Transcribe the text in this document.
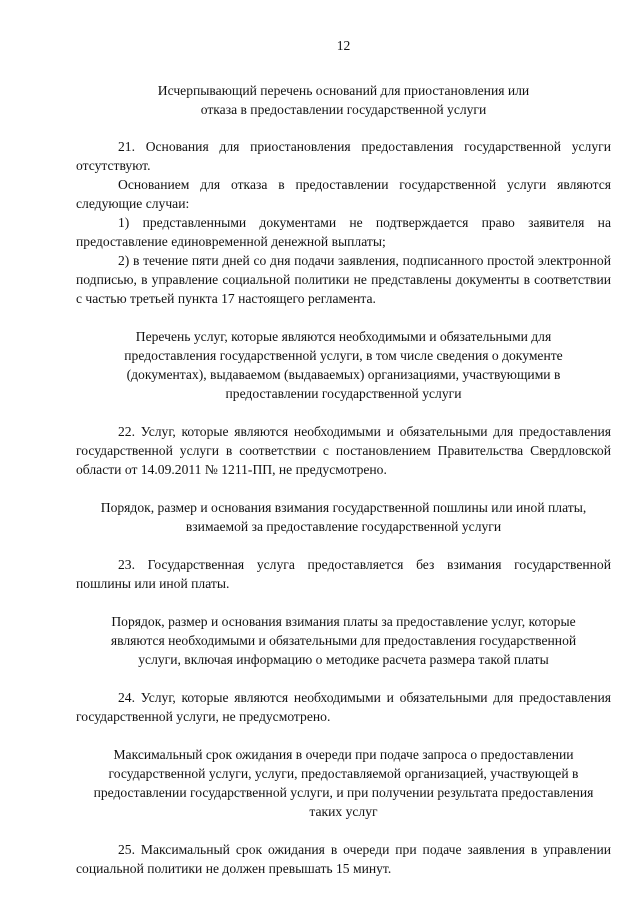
12

Исчерпывающий перечень оснований для приостановления или отказа в предоставлении государственной услуги

21. Основания для приостановления предоставления государственной услуги отсутствуют.

Основанием для отказа в предоставлении государственной услуги являются следующие случаи:

1) представленными документами не подтверждается право заявителя на предоставление единовременной денежной выплаты;

2) в течение пяти дней со дня подачи заявления, подписанного простой электронной подписью, в управление социальной политики не представлены документы в соответствии с частью третьей пункта 17 настоящего регламента.

Перечень услуг, которые являются необходимыми и обязательными для предоставления государственной услуги, в том числе сведения о документе (документах), выдаваемом (выдаваемых) организациями, участвующими в предоставлении государственной услуги

22. Услуг, которые являются необходимыми и обязательными для предоставления государственной услуги в соответствии с постановлением Правительства Свердловской области от 14.09.2011 № 1211-ПП, не предусмотрено.

Порядок, размер и основания взимания государственной пошлины или иной платы, взимаемой за предоставление государственной услуги

23. Государственная услуга предоставляется без взимания государственной пошлины или иной платы.

Порядок, размер и основания взимания платы за предоставление услуг, которые являются необходимыми и обязательными для предоставления государственной услуги, включая информацию о методике расчета размера такой платы

24. Услуг, которые являются необходимыми и обязательными для предоставления государственной услуги, не предусмотрено.

Максимальный срок ожидания в очереди при подаче запроса о предоставлении государственной услуги, услуги, предоставляемой организацией, участвующей в предоставлении государственной услуги, и при получении результата предоставления таких услуг

25. Максимальный срок ожидания в очереди при подаче заявления в управлении социальной политики не должен превышать 15 минут.
